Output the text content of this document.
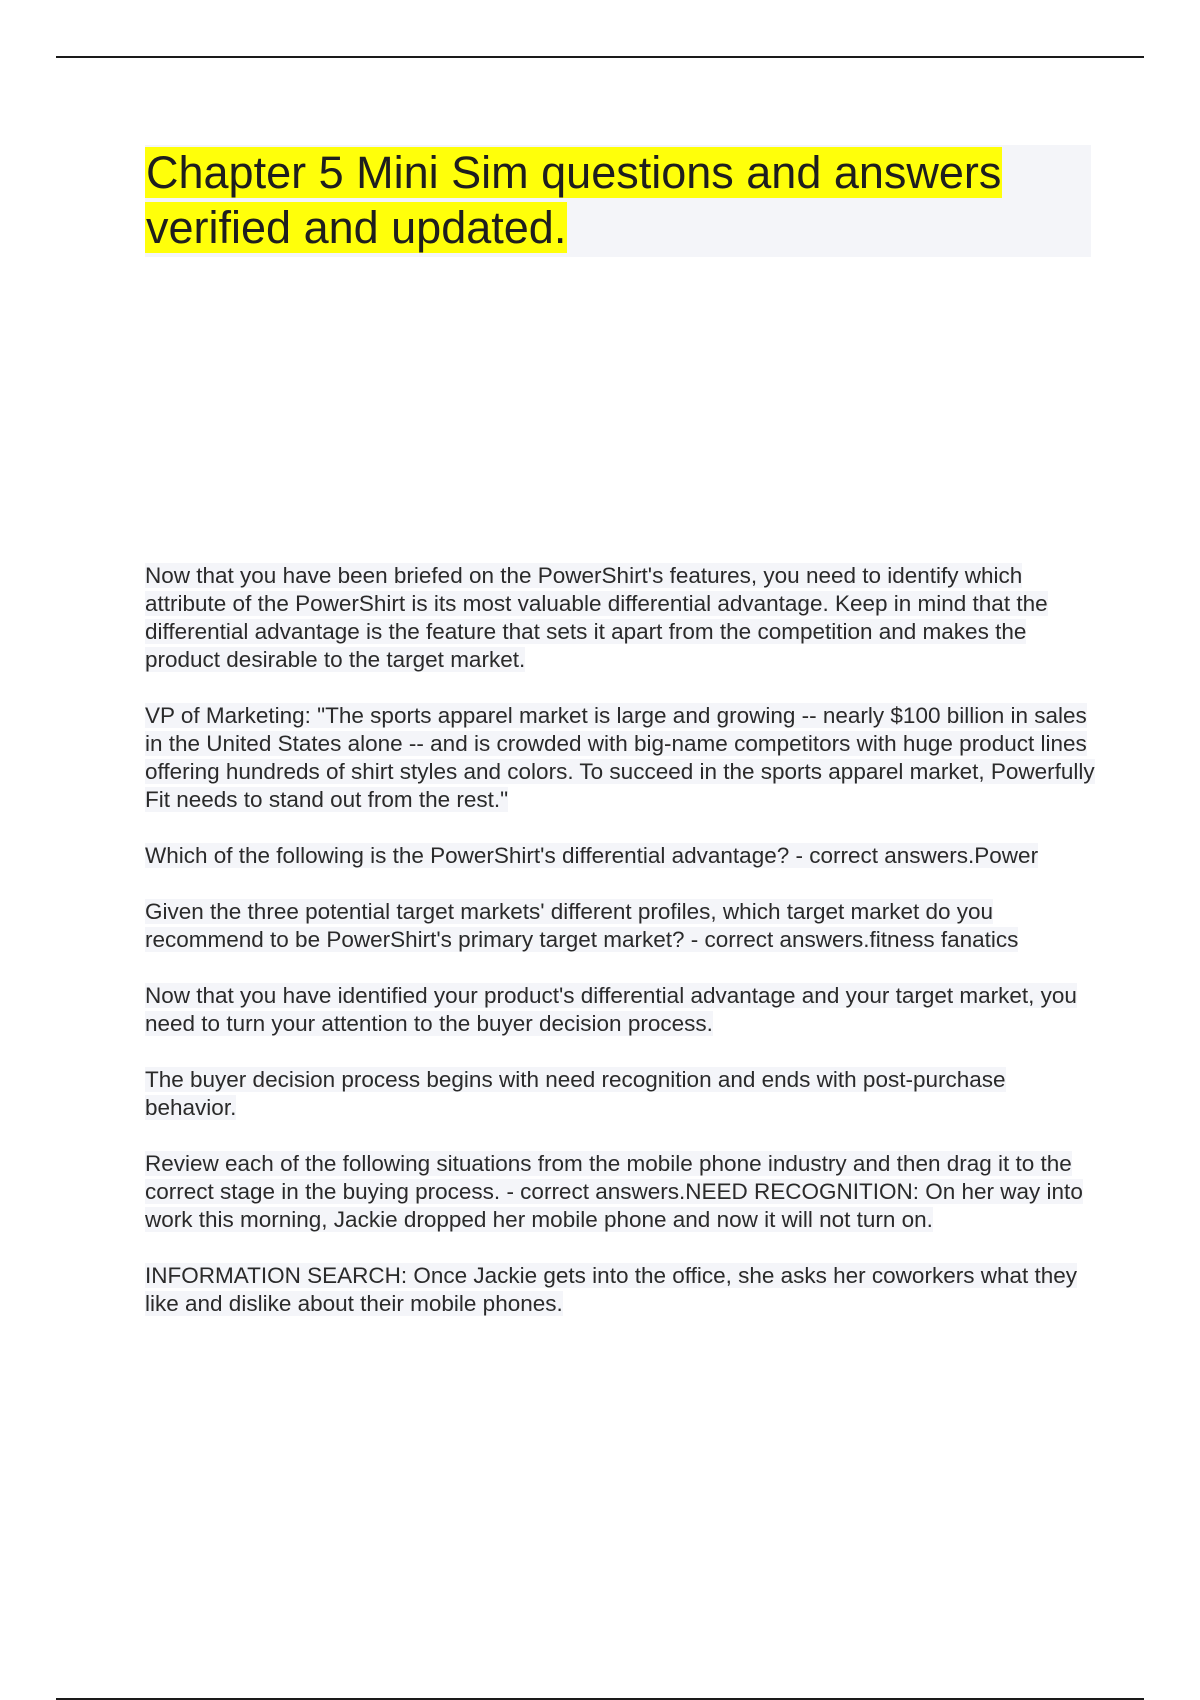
Chapter 5 Mini Sim questions and answers
verified and updated.

Now that you have been briefed on the PowerShirt's features, you need to identify which attribute of the PowerShirt is its most valuable differential advantage. Keep in mind that the differential advantage is the feature that sets it apart from the competition and makes the product desirable to the target market.

VP of Marketing: "The sports apparel market is large and growing -- nearly $100 billion in sales in the United States alone -- and is crowded with big-name competitors with huge product lines offering hundreds of shirt styles and colors. To succeed in the sports apparel market, Powerfully Fit needs to stand out from the rest."

Which of the following is the PowerShirt's differential advantage? - correct answers.Power

Given the three potential target markets' different profiles, which target market do you recommend to be PowerShirt's primary target market? - correct answers.fitness fanatics

Now that you have identified your product's differential advantage and your target market, you need to turn your attention to the buyer decision process.

The buyer decision process begins with need recognition and ends with post-purchase behavior.

Review each of the following situations from the mobile phone industry and then drag it to the correct stage in the buying process. - correct answers.NEED RECOGNITION: On her way into work this morning, Jackie dropped her mobile phone and now it will not turn on.

INFORMATION SEARCH: Once Jackie gets into the office, she asks her coworkers what they like and dislike about their mobile phones.
